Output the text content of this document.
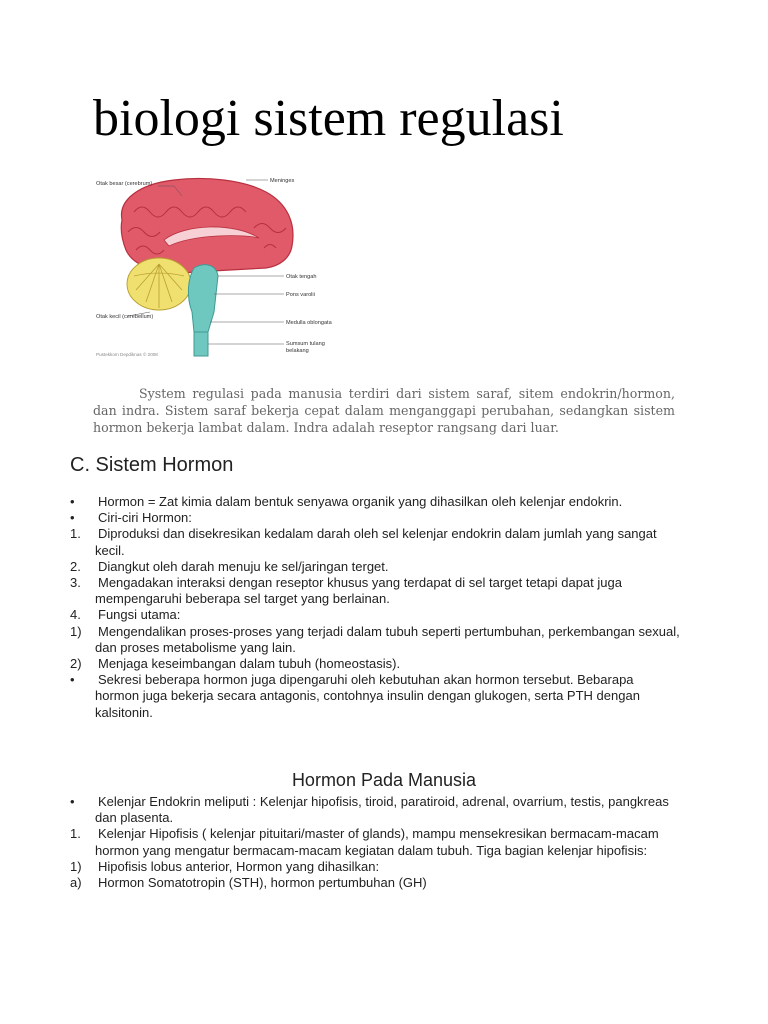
biologi sistem regulasi
Otak besar (cerebrum)	Meninges
Otak tengah
Pons varolii
Otak kecil (cerebellum)
Medulla oblongata
Sumsum tulang
belakang
Pustekkom Depdiknas © 2008

System regulasi pada manusia terdiri dari sistem saraf, sitem endokrin/hormon, dan indra. Sistem saraf bekerja cepat dalam menganggapi perubahan, sedangkan sistem hormon bekerja lambat dalam. Indra adalah reseptor rangsang dari luar.

C. Sistem Hormon
• Hormon = Zat kimia dalam bentuk senyawa organik yang dihasilkan oleh kelenjar endokrin.
• Ciri-ciri Hormon:
1. Diproduksi dan disekresikan kedalam darah oleh sel kelenjar endokrin dalam jumlah yang sangat kecil.
2. Diangkut oleh darah menuju ke sel/jaringan terget.
3. Mengadakan interaksi dengan reseptor khusus yang terdapat di sel target tetapi dapat juga mempengaruhi beberapa sel target yang berlainan.
4. Fungsi utama:
1) Mengendalikan proses-proses yang terjadi dalam tubuh seperti pertumbuhan, perkembangan sexual, dan proses metabolisme yang lain.
2) Menjaga keseimbangan dalam tubuh (homeostasis).
• Sekresi beberapa hormon juga dipengaruhi oleh kebutuhan akan hormon tersebut. Bebarapa hormon juga bekerja secara antagonis, contohnya insulin dengan glukogen, serta PTH dengan kalsitonin.
Hormon Pada Manusia
• Kelenjar Endokrin meliputi : Kelenjar hipofisis, tiroid, paratiroid, adrenal, ovarrium, testis, pangkreas dan plasenta.
1. Kelenjar Hipofisis ( kelenjar pituitari/master of glands), mampu mensekresikan bermacam-macam hormon yang mengatur bermacam-macam kegiatan dalam tubuh. Tiga bagian kelenjar hipofisis:
1) Hipofisis lobus anterior, Hormon yang dihasilkan:
a) Hormon Somatotropin (STH), hormon pertumbuhan (GH)
